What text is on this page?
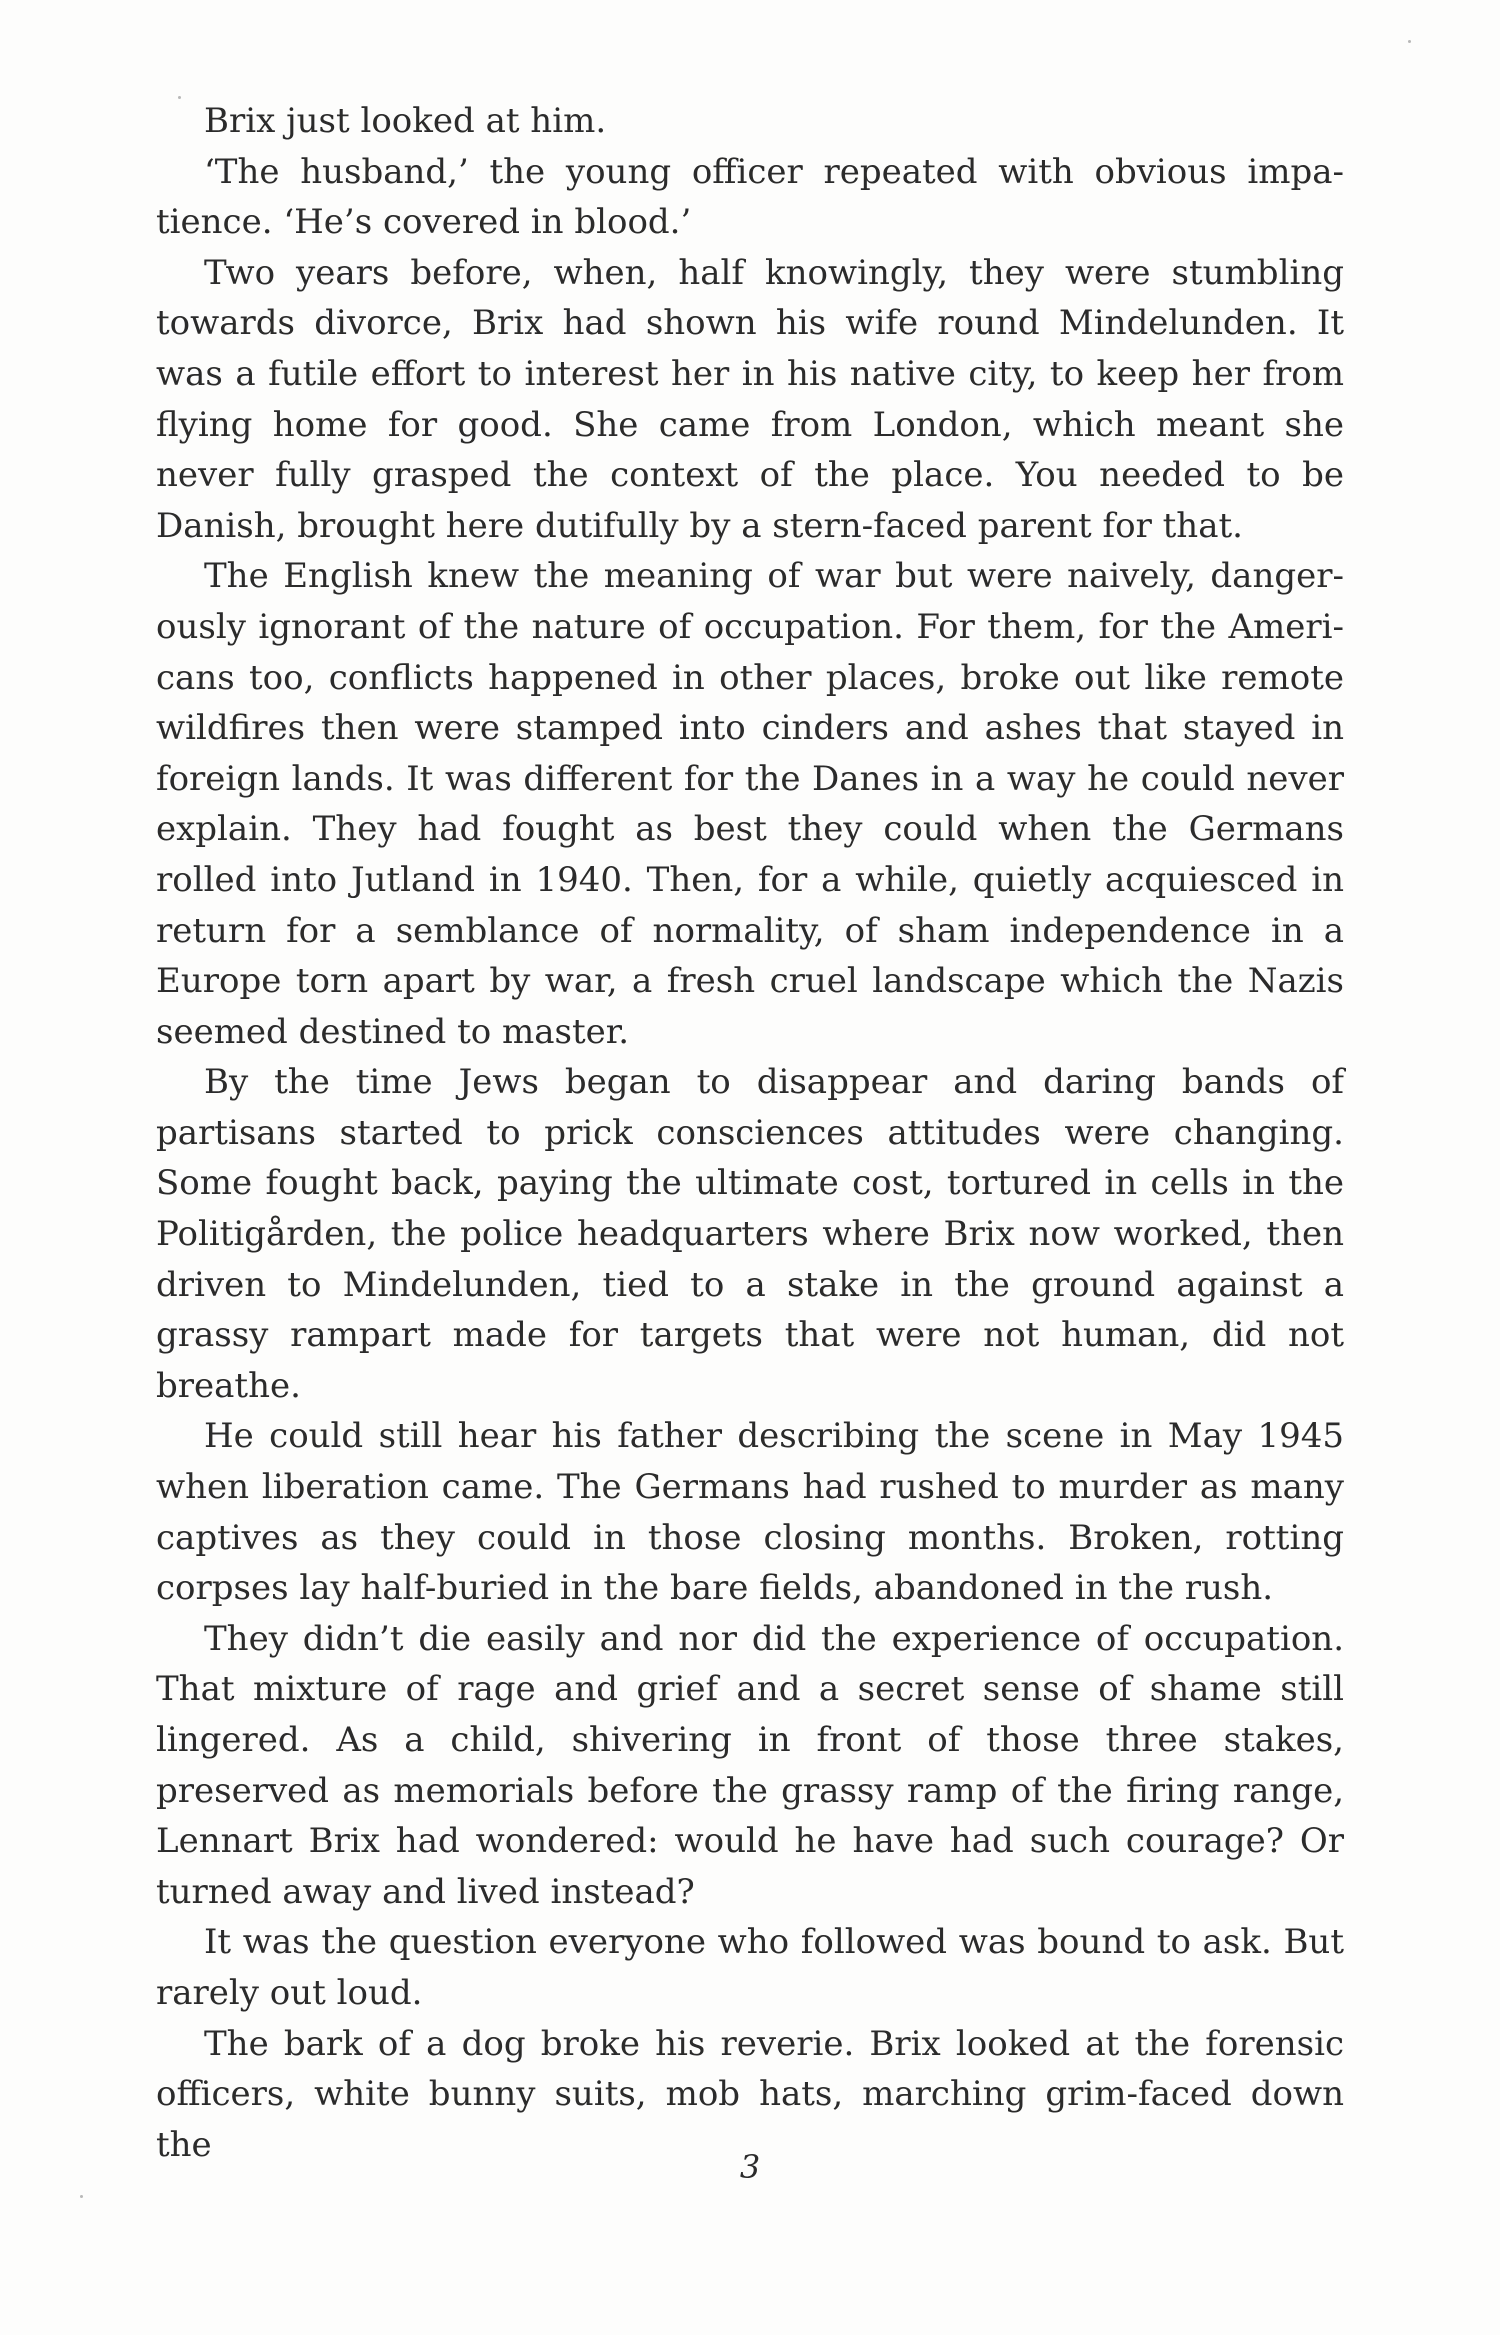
Brix just looked at him.

‘The husband,’ the young officer repeated with obvious impatience. ‘He’s covered in blood.’

Two years before, when, half knowingly, they were stumbling towards divorce, Brix had shown his wife round Mindelunden. It was a futile effort to interest her in his native city, to keep her from flying home for good. She came from London, which meant she never fully grasped the context of the place. You needed to be Danish, brought here dutifully by a stern-faced parent for that.

The English knew the meaning of war but were naively, dangerously ignorant of the nature of occupation. For them, for the Americans too, conflicts happened in other places, broke out like remote wildfires then were stamped into cinders and ashes that stayed in foreign lands. It was different for the Danes in a way he could never explain. They had fought as best they could when the Germans rolled into Jutland in 1940. Then, for a while, quietly acquiesced in return for a semblance of normality, of sham independence in a Europe torn apart by war, a fresh cruel landscape which the Nazis seemed destined to master.

By the time Jews began to disappear and daring bands of partisans started to prick consciences attitudes were changing. Some fought back, paying the ultimate cost, tortured in cells in the Politigården, the police headquarters where Brix now worked, then driven to Mindelunden, tied to a stake in the ground against a grassy rampart made for targets that were not human, did not breathe.

He could still hear his father describing the scene in May 1945 when liberation came. The Germans had rushed to murder as many captives as they could in those closing months. Broken, rotting corpses lay half-buried in the bare fields, abandoned in the rush.

They didn’t die easily and nor did the experience of occupation. That mixture of rage and grief and a secret sense of shame still lingered. As a child, shivering in front of those three stakes, preserved as memorials before the grassy ramp of the firing range, Lennart Brix had wondered: would he have had such courage? Or turned away and lived instead?

It was the question everyone who followed was bound to ask. But rarely out loud.

The bark of a dog broke his reverie. Brix looked at the forensic officers, white bunny suits, mob hats, marching grim-faced down the

3
